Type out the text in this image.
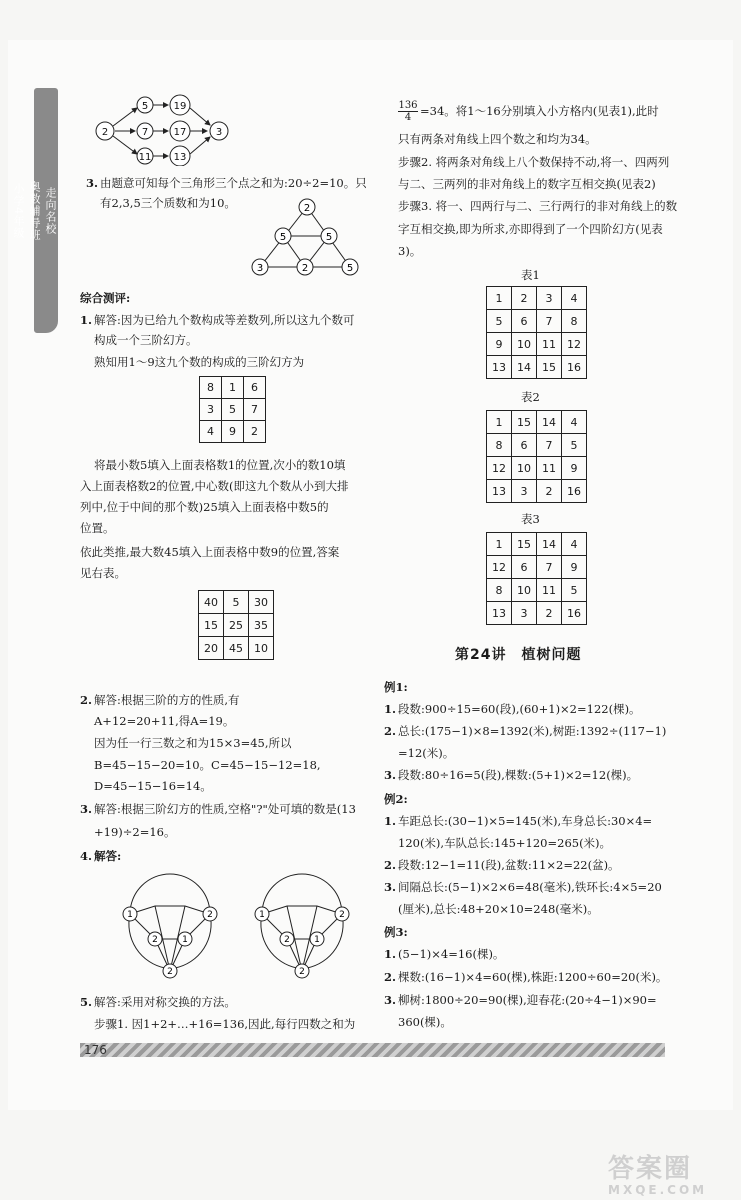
走向名校
奥数辅导班
小学4年级
2
5
7
11
19
17
13
3
3. 由题意可知每个三角形三个点之和为:20÷2=10。只
有2,3,5三个质数和为10。	2
5	5
3	2	5
综合测评:
1. 解答:因为已给九个数构成等差数列,所以这九个数可
构成一个三阶幻方。
熟知用1～9这九个数的构成的三阶幻方为
8	1	6
3	5	7
4	9	2
将最小数5填入上面表格数1的位置,次小的数10填
入上面表格数2的位置,中心数(即这九个数从小到大排
列中,位于中间的那个数)25填入上面表格中数5的
位置。
依此类推,最大数45填入上面表格中数9的位置,答案
见右表。
40	5	30
15	25	35
20	45	10
2. 解答:根据三阶的方的性质,有
A+12=20+11,得A=19。
因为任一行三数之和为15×3=45,所以
B=45−15−20=10。C=45−15−12=18,
D=45−15−16=14。
3. 解答:根据三阶幻方的性质,空格"?"处可填的数是(13
+19)÷2=16。
4. 解答:
1	2
2	1
2
1	2
2	1
2
5. 解答:采用对称交换的方法。
步骤1. 因1+2+…+16=136,因此,每行四数之和为
$\frac{136}{4} =34$。将1～16分别填入小方格内(见表1),此时
只有两条对角线上四个数之和均为34。
步骤2. 将两条对角线上八个数保持不动,将一、四两列
与二、三两列的非对角线上的数字互相交换(见表2)
步骤3. 将一、四两行与二、三行两行的非对角线上的数
字互相交换,即为所求,亦即得到了一个四阶幻方(见表
3)。
表1
1	2	3	4
5	6	7	8
9	10	11	12
13	14	15	16
表2
1	15	14	4
8	6	7	5
12	10	11	9
13	3	2	16
表3
1	15	14	4
12	6	7	9
8	10	11	5
13	3	2	16
第24讲　植树问题
例1:
1. 段数:900÷15=60(段),(60+1)×2=122(棵)。
2. 总长:(175−1)×8=1392(米),树距:1392÷(117−1)
=12(米)。
3. 段数:80÷16=5(段),棵数:(5+1)×2=12(棵)。
例2:
1. 车距总长:(30−1)×5=145(米),车身总长:30×4=
120(米),车队总长:145+120=265(米)。
2. 段数:12−1=11(段),盆数:11×2=22(盆)。
3. 间隔总长:(5−1)×2×6=48(毫米),铁环长:4×5=20
(厘米),总长:48+20×10=248(毫米)。
例3:
1. (5−1)×4=16(棵)。
2. 棵数:(16−1)×4=60(棵),株距:1200÷60=20(米)。
3. 柳树:1800÷20=90(棵),迎春花:(20÷4−1)×90=
360(棵)。
176
答案圈
MXQE.COM
